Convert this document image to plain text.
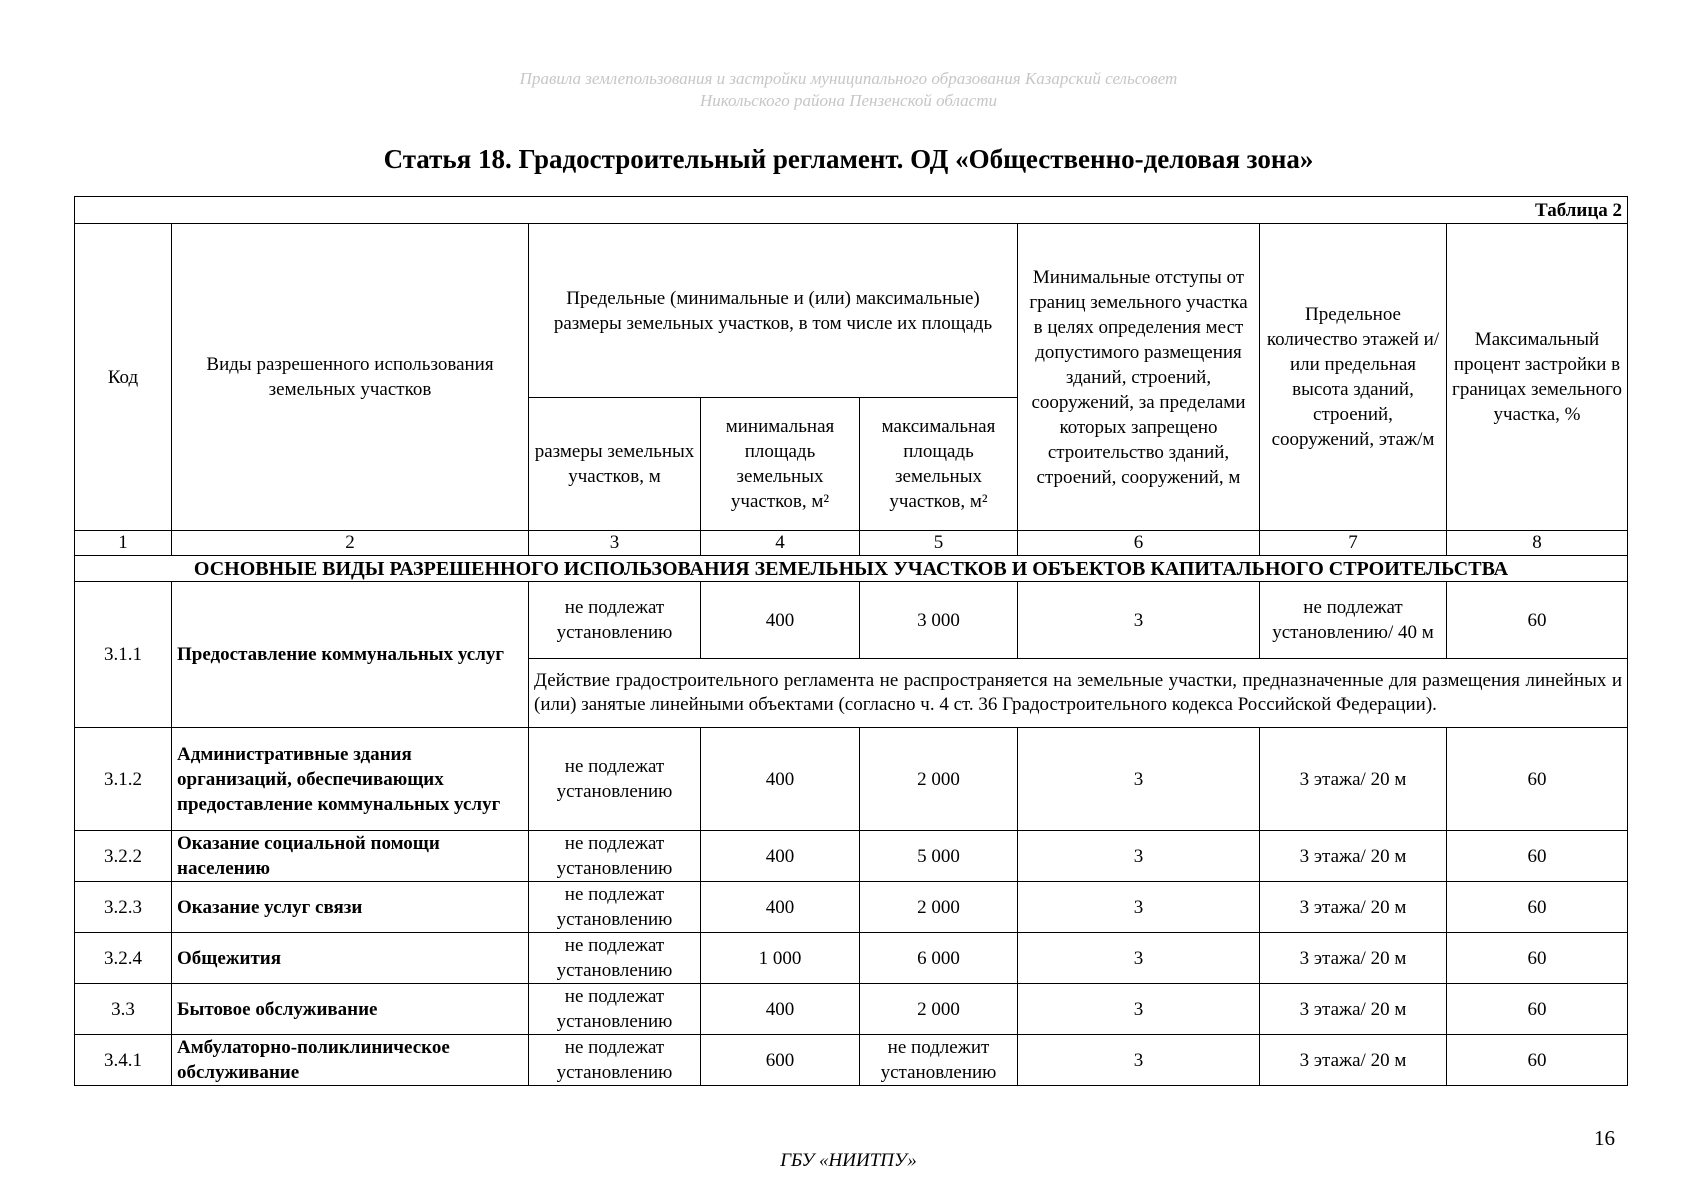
Правила землепользования и застройки муниципального образования Казарский сельсовет
Никольского района Пензенской области
Статья 18. Градостроительный регламент. ОД «Общественно-деловая зона»
Таблица 2							
Код	Виды разрешенного использования земельных участков	Предельные (минимальные и (или) максимальные) размеры земельных участков, в том числе их площадь			Минимальные отступы от границ земельного участка в целях определения мест допустимого размещения зданий, строений, сооружений, за пределами которых запрещено строительство зданий, строений, сооружений, м	Предельное количество этажей и/или предельная высота зданий, строений, сооружений, этаж/м	Максимальный процент застройки в границах земельного участка, %
		размеры земельных участков, м	минимальная площадь земельных участков, м²	максимальная площадь земельных участков, м²			
1	2	3	4	5	6	7	8
ОСНОВНЫЕ ВИДЫ РАЗРЕШЕННОГО ИСПОЛЬЗОВАНИЯ ЗЕМЕЛЬНЫХ УЧАСТКОВ И ОБЪЕКТОВ КАПИТАЛЬНОГО СТРОИТЕЛЬСТВА							
3.1.1	Предоставление коммунальных услуг	не подлежат установлению	400	3 000	3	не подлежат установлению/ 40 м	60
		Действие градостроительного регламента не распространяется на земельные участки, предназначенные для размещения линейных и (или) занятые линейными объектами (согласно ч. 4 ст. 36 Градостроительного кодекса Российской Федерации).					
3.1.2	Административные здания организаций, обеспечивающих предоставление коммунальных услуг	не подлежат установлению	400	2 000	3	3 этажа/ 20 м	60
3.2.2	Оказание социальной помощи населению	не подлежат установлению	400	5 000	3	3 этажа/ 20 м	60
3.2.3	Оказание услуг связи	не подлежат установлению	400	2 000	3	3 этажа/ 20 м	60
3.2.4	Общежития	не подлежат установлению	1 000	6 000	3	3 этажа/ 20 м	60
3.3	Бытовое обслуживание	не подлежат установлению	400	2 000	3	3 этажа/ 20 м	60
3.4.1	Амбулаторно-поликлиническое обслуживание	не подлежат установлению	600	не подлежит установлению	3	3 этажа/ 20 м	60
16
ГБУ «НИИТПУ»
